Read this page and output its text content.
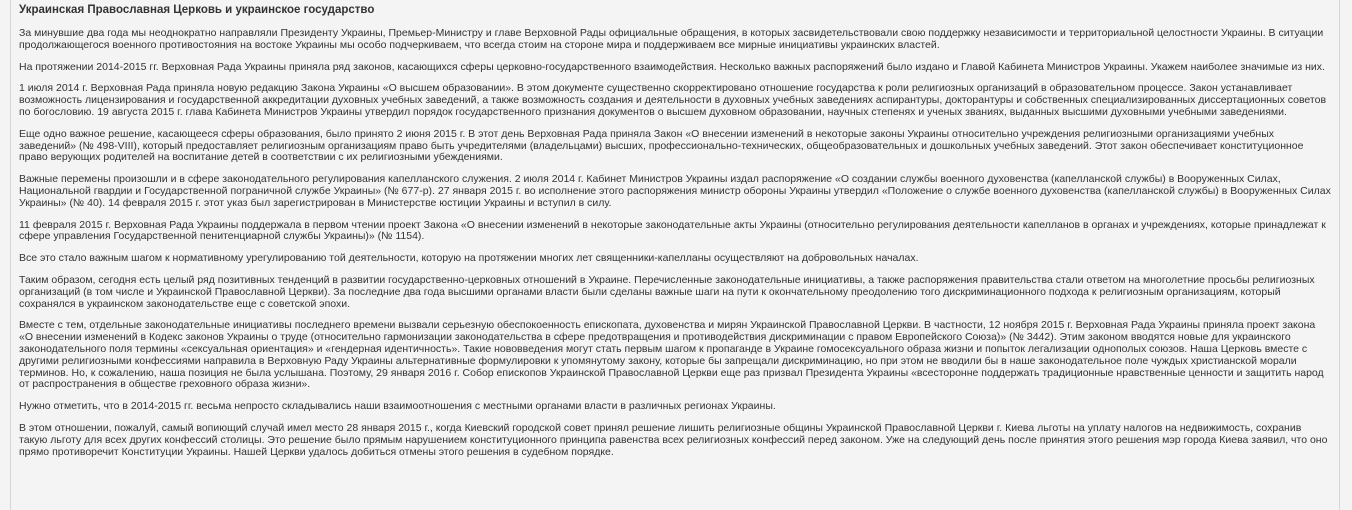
Украинская Православная Церковь и украинское государство

За минувшие два года мы неоднократно направляли Президенту Украины, Премьер-Министру и главе Верховной Рады официальные обращения, в которых засвидетельствовали свою поддержку независимости и территориальной целостности Украины. В ситуации продолжающегося военного противостояния на востоке Украины мы особо подчеркиваем, что всегда стоим на стороне мира и поддерживаем все мирные инициативы украинских властей.

На протяжении 2014-2015 гг. Верховная Рада Украины приняла ряд законов, касающихся сферы церковно-государственного взаимодействия. Несколько важных распоряжений было издано и Главой Кабинета Министров Украины. Укажем наиболее значимые из них.

1 июля 2014 г. Верховная Рада приняла новую редакцию Закона Украины «О высшем образовании». В этом документе существенно скорректировано отношение государства к роли религиозных организаций в образовательном процессе. Закон устанавливает возможность лицензирования и государственной аккредитации духовных учебных заведений, а также возможность создания и деятельности в духовных учебных заведениях аспирантуры, докторантуры и собственных специализированных диссертационных советов по богословию. 19 августа 2015 г. глава Кабинета Министров Украины утвердил порядок государственного признания документов о высшем духовном образовании, научных степенях и ученых званиях, выданных высшими духовными учебными заведениями.

Еще одно важное решение, касающееся сферы образования, было принято 2 июня 2015 г. В этот день Верховная Рада приняла Закон «О внесении изменений в некоторые законы Украины относительно учреждения религиозными организациями учебных заведений» (№ 498-VIII), который предоставляет религиозным организациям право быть учредителями (владельцами) высших, профессионально-технических, общеобразовательных и дошкольных учебных заведений. Этот закон обеспечивает конституционное право верующих родителей на воспитание детей в соответствии с их религиозными убеждениями.

Важные перемены произошли и в сфере законодательного регулирования капелланского служения. 2 июля 2014 г. Кабинет Министров Украины издал распоряжение «О создании службы военного духовенства (капелланской службы) в Вооруженных Силах, Национальной гвардии и Государственной пограничной службе Украины» (№ 677-р). 27 января 2015 г. во исполнение этого распоряжения министр обороны Украины утвердил «Положение о службе военного духовенства (капелланской службы) в Вооруженных Силах Украины» (№ 40). 14 февраля 2015 г. этот указ был зарегистрирован в Министерстве юстиции Украины и вступил в силу.

11 февраля 2015 г. Верховная Рада Украины поддержала в первом чтении проект Закона «О внесении изменений в некоторые законодательные акты Украины (относительно регулирования деятельности капелланов в органах и учреждениях, которые принадлежат к сфере управления Государственной пенитенциарной службы Украины)» (№ 1154).

Все это стало важным шагом к нормативному урегулированию той деятельности, которую на протяжении многих лет священники-капелланы осуществляют на добровольных началах.

Таким образом, сегодня есть целый ряд позитивных тенденций в развитии государственно-церковных отношений в Украине. Перечисленные законодательные инициативы, а также распоряжения правительства стали ответом на многолетние просьбы религиозных организаций (в том числе и Украинской Православной Церкви). За последние два года высшими органами власти были сделаны важные шаги на пути к окончательному преодолению того дискриминационного подхода к религиозным организациям, который сохранялся в украинском законодательстве еще с советской эпохи.

Вместе с тем, отдельные законодательные инициативы последнего времени вызвали серьезную обеспокоенность епископата, духовенства и мирян Украинской Православной Церкви. В частности, 12 ноября 2015 г. Верховная Рада Украины приняла проект закона «О внесении изменений в Кодекс законов Украины о труде (относительно гармонизации законодательства в сфере предотвращения и противодействия дискриминации с правом Европейского Союза)» (№ 3442). Этим законом вводятся новые для украинского законодательного поля термины «сексуальная ориентация» и «гендерная идентичность». Такие нововведения могут стать первым шагом к пропаганде в Украине гомосексуального образа жизни и попыток легализации однополых союзов. Наша Церковь вместе с другими религиозными конфессиями направила в Верховную Раду Украины альтернативные формулировки к упомянутому закону, которые бы запрещали дискриминацию, но при этом не вводили бы в наше законодательное поле чуждых христианской морали терминов. Но, к сожалению, наша позиция не была услышана. Поэтому, 29 января 2016 г. Собор епископов Украинской Православной Церкви еще раз призвал Президента Украины «всесторонне поддержать традиционные нравственные ценности и защитить народ от распространения в обществе греховного образа жизни».

Нужно отметить, что в 2014-2015 гг. весьма непросто складывались наши взаимоотношения с местными органами власти в различных регионах Украины.

В этом отношении, пожалуй, самый вопиющий случай имел место 28 января 2015 г., когда Киевский городской совет принял решение лишить религиозные общины Украинской Православной Церкви г. Киева льготы на уплату налогов на недвижимость, сохранив такую льготу для всех других конфессий столицы. Это решение было прямым нарушением конституционного принципа равенства всех религиозных конфессий перед законом. Уже на следующий день после принятия этого решения мэр города Киева заявил, что оно прямо противоречит Конституции Украины. Нашей Церкви удалось добиться отмены этого решения в судебном порядке.
